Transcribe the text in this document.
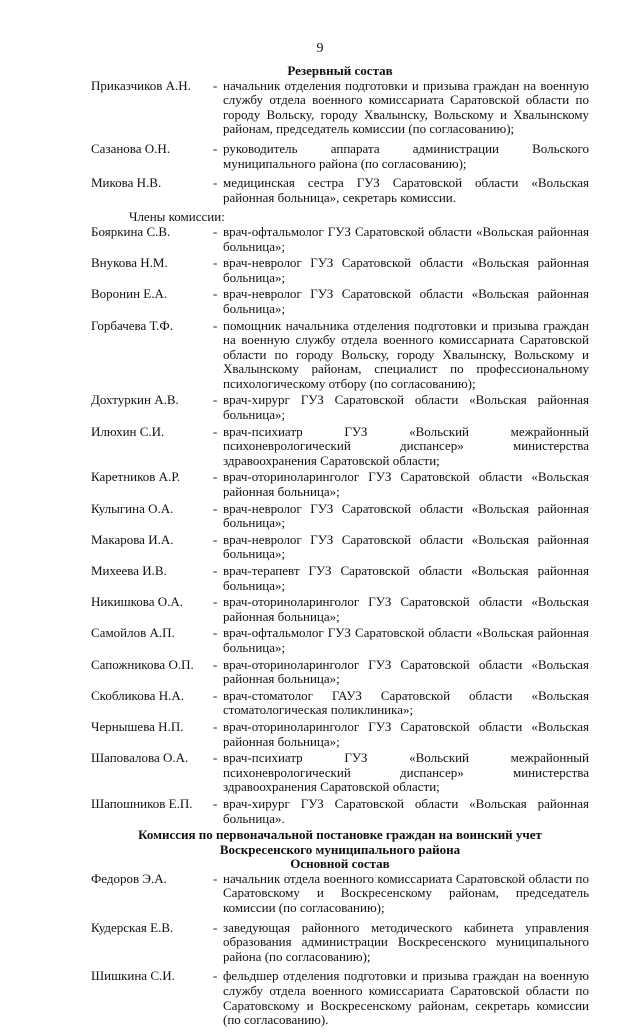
9
Резервный состав
Приказчиков А.Н.	- начальник отделения подготовки и призыва граждан на военную службу отдела военного комиссариата Саратовской области по городу Вольску, городу Хвалынску, Вольскому и Хвалынскому районам, председатель комиссии (по согласованию);
Сазанова О.Н.	- руководитель аппарата администрации Вольского муниципального района (по согласованию);
Микова Н.В.	- медицинская сестра ГУЗ Саратовской области «Вольская районная больница», секретарь комиссии.
Члены комиссии:
Бояркина С.В.	- врач-офтальмолог ГУЗ Саратовской области «Вольская районная больница»;
Внукова Н.М.	- врач-невролог ГУЗ Саратовской области «Вольская районная больница»;
Воронин Е.А.	- врач-невролог ГУЗ Саратовской области «Вольская районная больница»;
Горбачева Т.Ф.	- помощник начальника отделения подготовки и призыва граждан на военную службу отдела военного комиссариата Саратовской области по городу Вольску, городу Хвалынску, Вольскому и Хвалынскому районам, специалист по профессиональному психологическому отбору (по согласованию);
Дохтуркин А.В.	- врач-хирург ГУЗ Саратовской области «Вольская районная больница»;
Илюхин С.И.	- врач-психиатр ГУЗ «Вольский межрайонный психоневрологический диспансер» министерства здравоохранения Саратовской области;
Каретников А.Р.	- врач-оториноларинголог ГУЗ Саратовской области «Вольская районная больница»;
Кулыгина О.А.	- врач-невролог ГУЗ Саратовской области «Вольская районная больница»;
Макарова И.А.	- врач-невролог ГУЗ Саратовской области «Вольская районная больница»;
Михеева И.В.	- врач-терапевт ГУЗ Саратовской области «Вольская районная больница»;
Никишкова О.А.	- врач-оториноларинголог ГУЗ Саратовской области «Вольская районная больница»;
Самойлов А.П.	- врач-офтальмолог ГУЗ Саратовской области «Вольская районная больница»;
Сапожникова О.П.	- врач-оториноларинголог ГУЗ Саратовской области «Вольская районная больница»;
Скобликова Н.А.	- врач-стоматолог ГАУЗ Саратовской области «Вольская стоматологическая поликлиника»;
Чернышева Н.П.	- врач-оториноларинголог ГУЗ Саратовской области «Вольская районная больница»;
Шаповалова О.А.	- врач-психиатр ГУЗ «Вольский межрайонный психоневрологический диспансер» министерства здравоохранения Саратовской области;
Шапошников Е.П.	- врач-хирург ГУЗ Саратовской области «Вольская районная больница».
Комиссия по первоначальной постановке граждан на воинский учет
Воскресенского муниципального района
Основной состав
Федоров Э.А.	- начальник отдела военного комиссариата Саратовской области по Саратовскому и Воскресенскому районам, председатель комиссии (по согласованию);
Кудерская Е.В.	- заведующая районного методического кабинета управления образования администрации Воскресенского муниципального района (по согласованию);
Шишкина С.И.	- фельдшер отделения подготовки и призыва граждан на военную службу отдела военного комиссариата Саратовской области по Саратовскому и Воскресенскому районам, секретарь комиссии (по согласованию).
